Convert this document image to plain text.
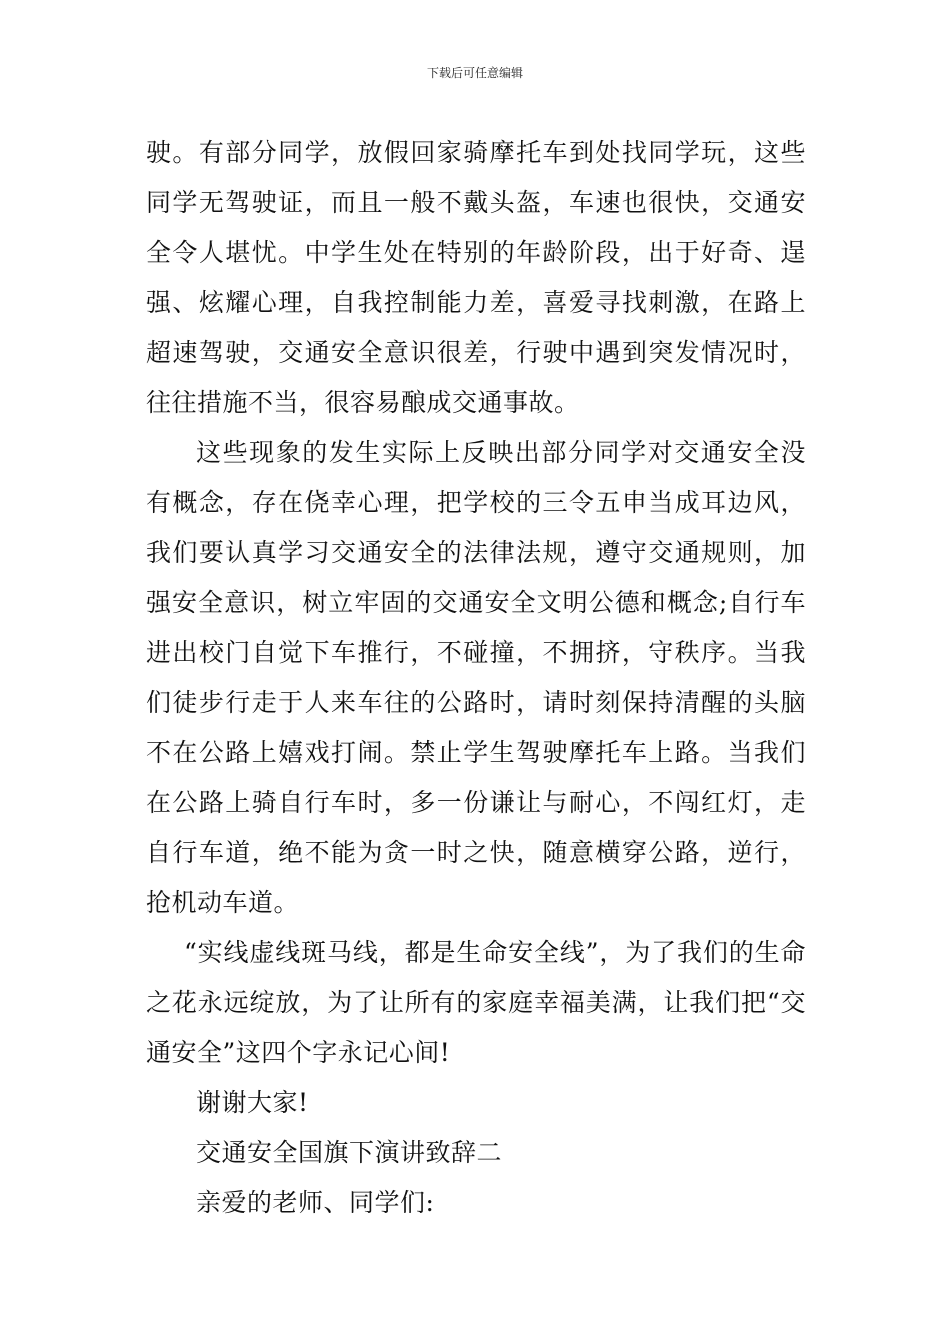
下载后可任意编辑

驶。有部分同学，放假回家骑摩托车到处找同学玩，这些同学无驾驶证，而且一般不戴头盔，车速也很快，交通安全令人堪忧。中学生处在特别的年龄阶段，出于好奇、逞强、炫耀心理，自我控制能力差，喜爱寻找刺激，在路上超速驾驶，交通安全意识很差，行驶中遇到突发情况时，往往措施不当，很容易酿成交通事故。

这些现象的发生实际上反映出部分同学对交通安全没有概念，存在侥幸心理，把学校的三令五申当成耳边风，我们要认真学习交通安全的法律法规，遵守交通规则，加强安全意识，树立牢固的交通安全文明公德和概念;自行车进出校门自觉下车推行，不碰撞，不拥挤，守秩序。当我们徒步行走于人来车往的公路时，请时刻保持清醒的头脑不在公路上嬉戏打闹。禁止学生驾驶摩托车上路。当我们在公路上骑自行车时，多一份谦让与耐心，不闯红灯，走自行车道，绝不能为贪一时之快，随意横穿公路，逆行，抢机动车道。

“实线虚线斑马线，都是生命安全线”，为了我们的生命之花永远绽放，为了让所有的家庭幸福美满，让我们把“交通安全”这四个字永记心间!

谢谢大家!

交通安全国旗下演讲致辞二

亲爱的老师、同学们:
